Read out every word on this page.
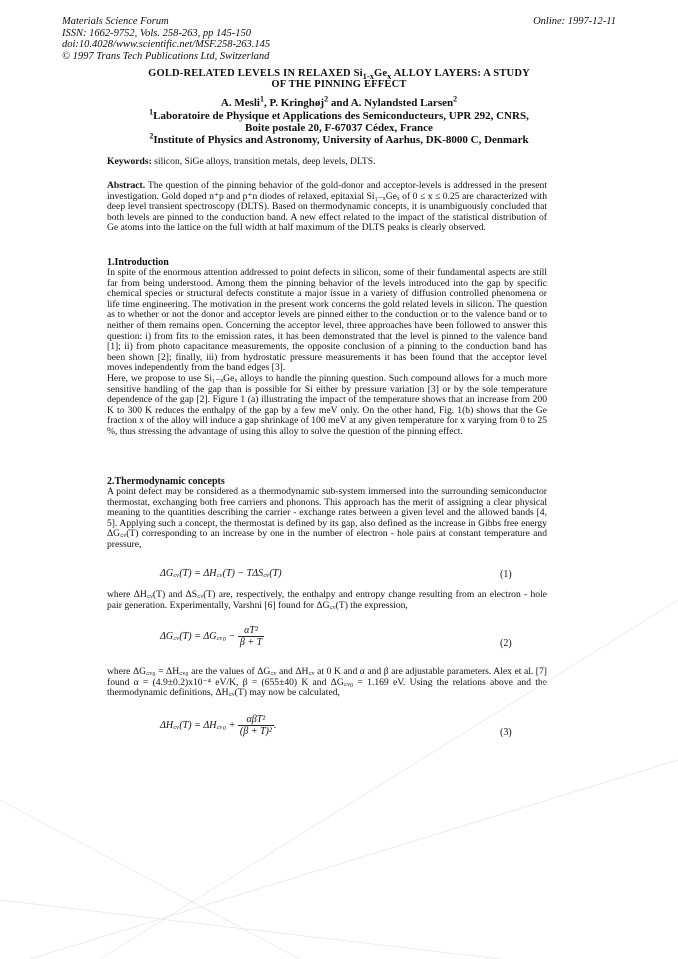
Materials Science Forum
ISSN: 1662-9752, Vols. 258-263, pp 145-150
doi:10.4028/www.scientific.net/MSF.258-263.145
© 1997 Trans Tech Publications Ltd, Switzerland
Online: 1997-12-11
GOLD-RELATED LEVELS IN RELAXED $Si_{1-x}Ge_x$ ALLOY LAYERS: A STUDY
OF THE PINNING EFFECT
A. Mesli$^1$, P. Kringhøj$^2$ and A. Nylandsted Larsen$^2$
$^1$Laboratoire de Physique et Applications des Semiconducteurs, UPR 292, CNRS,
Boite postale 20, F-67037 Cédex, France
$^2$Institute of Physics and Astronomy, University of Aarhus, DK-8000 C, Denmark

Keywords: silicon, SiGe alloys, transition metals, deep levels, DLTS.

Abstract. The question of the pinning behavior of the gold-donor and acceptor-levels is addressed in the present investigation. Gold doped n⁺p and p⁺n diodes of relaxed, epitaxial Si₁₋ₓGeₓ of 0 ≤ x ≤ 0.25 are characterized with deep level transient spectroscopy (DLTS). Based on thermodynamic concepts, it is unambiguously concluded that both levels are pinned to the conduction band. A new effect related to the impact of the statistical distribution of Ge atoms into the lattice on the full width at half maximum of the DLTS peaks is clearly observed.

1.Introduction

In spite of the enormous attention addressed to point defects in silicon, some of their fundamental aspects are still far from being understood. Among them the pinning behavior of the levels introduced into the gap by specific chemical species or structural defects constitute a major issue in a variety of diffusion controlled phenomena or life time engineering. The motivation in the present work concerns the gold related levels in silicon. The question as to whether or not the donor and acceptor levels are pinned either to the conduction or to the valence band or to neither of them remains open. Concerning the acceptor level, three approaches have been followed to answer this question: i) from fits to the emission rates, it has been demonstrated that the level is pinned to the valence band [1]; ii) from photo capacitance measurements, the opposite conclusion of a pinning to the conduction band has been shown [2]; finally, iii) from hydrostatic pressure measurements it has been found that the acceptor level moves independently from the band edges [3].

Here, we propose to use Si₁₋ₓGeₓ alloys to handle the pinning question. Such compound allows for a much more sensitive handling of the gap than is possible for Si either by pressure variation [3] or by the sole temperature dependence of the gap [2]. Figure 1 (a) illustrating the impact of the temperature shows that an increase from 200 K to 300 K reduces the enthalpy of the gap by a few meV only. On the other hand, Fig. 1(b) shows that the Ge fraction x of the alloy will induce a gap shrinkage of 100 meV at any given temperature for x varying from 0 to 25 %, thus stressing the advantage of using this alloy to solve the question of the pinning effect.

2.Thermodynamic concepts

A point defect may be considered as a thermodynamic sub-system immersed into the surrounding semiconductor thermostat, exchanging both free carriers and phonons. This approach has the merit of assigning a clear physical meaning to the quantities describing the carrier - exchange rates between a given level and the allowed bands [4, 5]. Applying such a concept, the thermostat is defined by its gap, also defined as the increase in Gibbs free energy ΔG꜀ᵥ(T) corresponding to an increase by one in the number of electron - hole pairs at constant temperature and pressure,

ΔG꜀ᵥ(T) = ΔH꜀ᵥ(T) − TΔS꜀ᵥ(T)	(1)

where ΔH꜀ᵥ(T) and ΔS꜀ᵥ(T) are, respectively, the enthalpy and entropy change resulting from an electron - hole pair generation. Experimentally, Varshni [6] found for ΔG꜀ᵥ(T) the expression,

ΔG꜀ᵥ(T) = ΔG꜀ᵥ₀ − $\frac{\text{αT²}}{\beta + T}$	(2)

where ΔG꜀ᵥ₀ = ΔH꜀ᵥ₀ are the values of ΔG꜀ᵥ and ΔH꜀ᵥ at 0 K and α and β are adjustable parameters. Alex et al. [7] found α = (4.9±0.2)x10⁻⁴ eV/K, β = (655±40) K and ΔG꜀ᵥ₀ = 1.169 eV. Using the relations above and the thermodynamic definitions, ΔH꜀ᵥ(T) may now be calculated,

ΔH꜀ᵥ(T) = ΔH꜀ᵥ₀ + $\frac{\text{αβT²}}{\text{(β + T)²}}$ .
(3)
